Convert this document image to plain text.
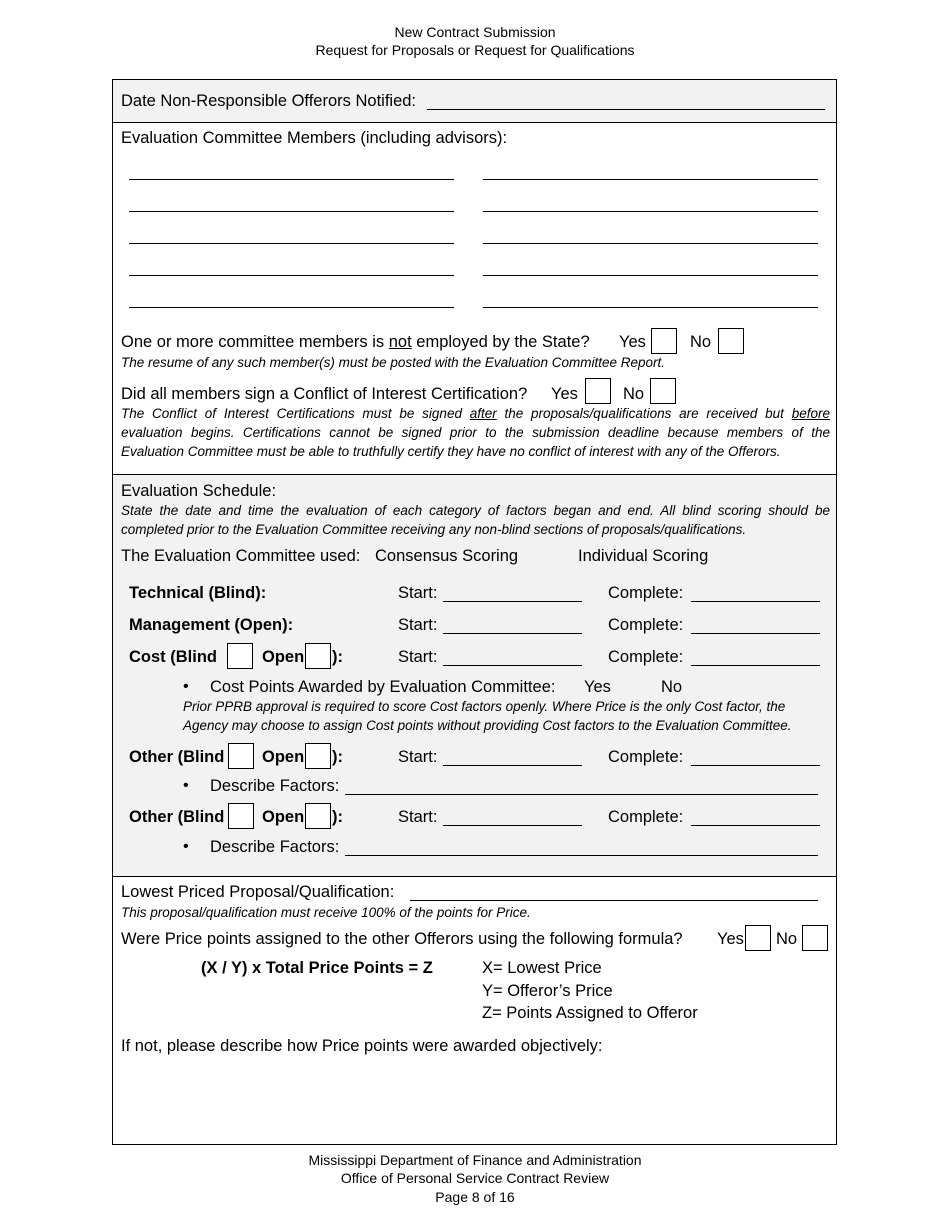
New Contract Submission
Request for Proposals or Request for Qualifications
Date Non-Responsible Offerors Notified:
Evaluation Committee Members (including advisors):
One or more committee members is not employed by the State? Yes	No
The resume of any such member(s) must be posted with the Evaluation Committee Report.
Did all members sign a Conflict of Interest Certification? Yes	No
The Conflict of Interest Certifications must be signed after the proposals/qualifications are received but before evaluation begins. Certifications cannot be signed prior to the submission deadline because members of the Evaluation Committee must be able to truthfully certify they have no conflict of interest with any of the Offerors.
Evaluation Schedule:
State the date and time the evaluation of each category of factors began and end. All blind scoring should be completed prior to the Evaluation Committee receiving any non-blind sections of proposals/qualifications.
The Evaluation Committee used: Consensus Scoring	Individual Scoring
Technical (Blind):	Start:	Complete:
Management (Open):	Start:	Complete:
Cost (Blind	Open ):	Start:	Complete:
• Cost Points Awarded by Evaluation Committee: Yes	No
Prior PPRB approval is required to score Cost factors openly. Where Price is the only Cost factor, the Agency may choose to assign Cost points without providing Cost factors to the Evaluation Committee.
Other (Blind Open ):	Start:	Complete:
• Describe Factors:
Other (Blind Open ):	Start:	Complete:
• Describe Factors:
Lowest Priced Proposal/Qualification:
This proposal/qualification must receive 100% of the points for Price.
Were Price points assigned to the other Offerors using the following formula? Yes No
(X / Y) x Total Price Points = Z	X= Lowest Price
Y= Offeror’s Price
Z= Points Assigned to Offeror
If not, please describe how Price points were awarded objectively:
Mississippi Department of Finance and Administration
Office of Personal Service Contract Review
Page 8 of 16
